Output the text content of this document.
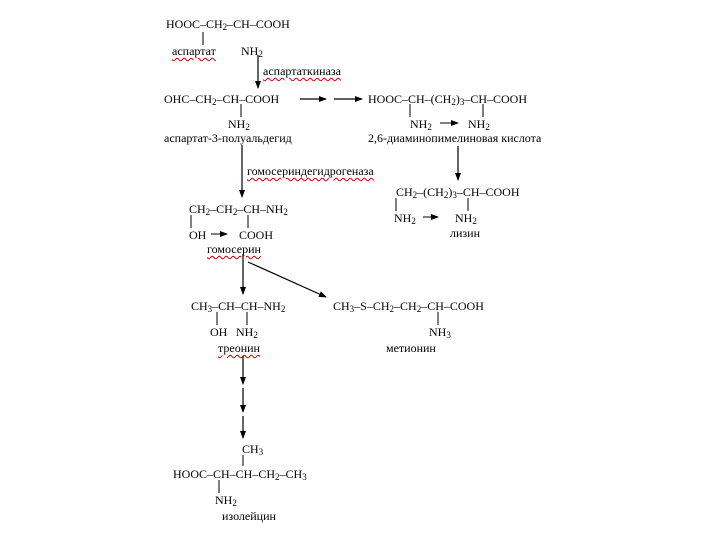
HOOC–$CH_2-CH$–COOH
аспартат $NH_2$
аспартаткиназа
OHC–$CH_2-CH$–COOH
$NH_2$
аспартат-3-полуальдегид
HOOC–$CH-(CH_2)_3-CH$–COOH
$NH_2$	$NH_2$
2,6-диаминопимелиновая кислота
гомосериндегидрогеназа
$CH_2-(CH_2)_3-CH$–COOH
$NH_2$	$NH_2$
лизин
$CH_2-CH_2-CH-NH_2$
OH	COOH
гомосерин
$CH_3-CH-CH-NH_2$
OH $NH_2$
треонин
$CH_3-S-CH_2-CH_2-CH$–COOH
$NH_3$
метионин
$CH_3$
HOOC–$CH-CH-CH_2-CH_3$
$NH_2$
изолейцин
